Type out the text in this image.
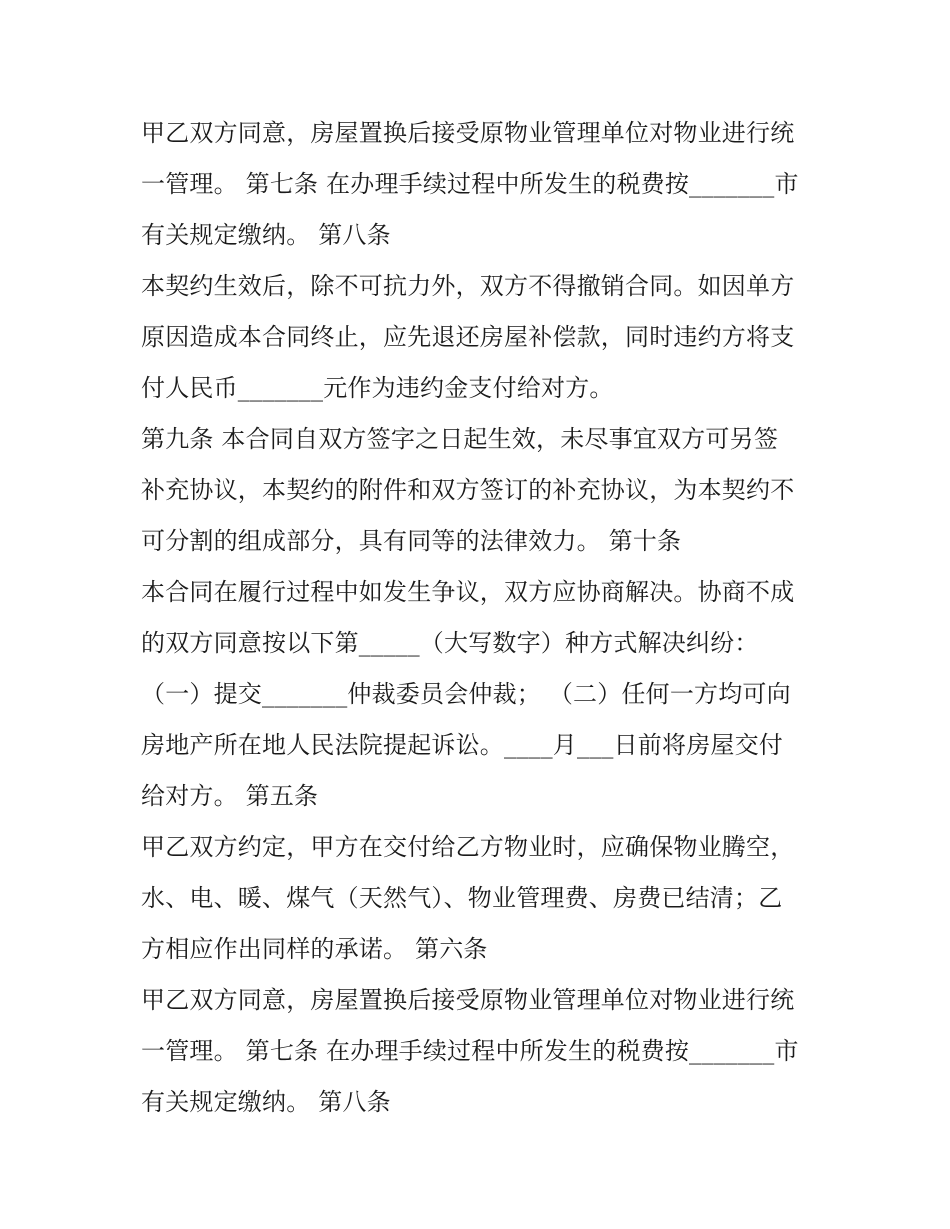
甲乙双方同意，房屋置换后接受原物业管理单位对物业进行统
一管理。 第七条 在办理手续过程中所发生的税费按_______市
有关规定缴纳。 第八条
本契约生效后，除不可抗力外，双方不得撤销合同。如因单方
原因造成本合同终止，应先退还房屋补偿款，同时违约方将支
付人民币_______元作为违约金支付给对方。
第九条 本合同自双方签字之日起生效，未尽事宜双方可另签
补充协议，本契约的附件和双方签订的补充协议，为本契约不
可分割的组成部分，具有同等的法律效力。 第十条
本合同在履行过程中如发生争议，双方应协商解决。协商不成
的双方同意按以下第_____（大写数字）种方式解决纠纷：
（一）提交_______仲裁委员会仲裁； （二）任何一方均可向
房地产所在地人民法院提起诉讼。____月___日前将房屋交付
给对方。 第五条
甲乙双方约定，甲方在交付给乙方物业时，应确保物业腾空，
水、电、暖、煤气（天然气）、物业管理费、房费已结清；乙
方相应作出同样的承诺。 第六条
甲乙双方同意，房屋置换后接受原物业管理单位对物业进行统
一管理。 第七条 在办理手续过程中所发生的税费按_______市
有关规定缴纳。 第八条
